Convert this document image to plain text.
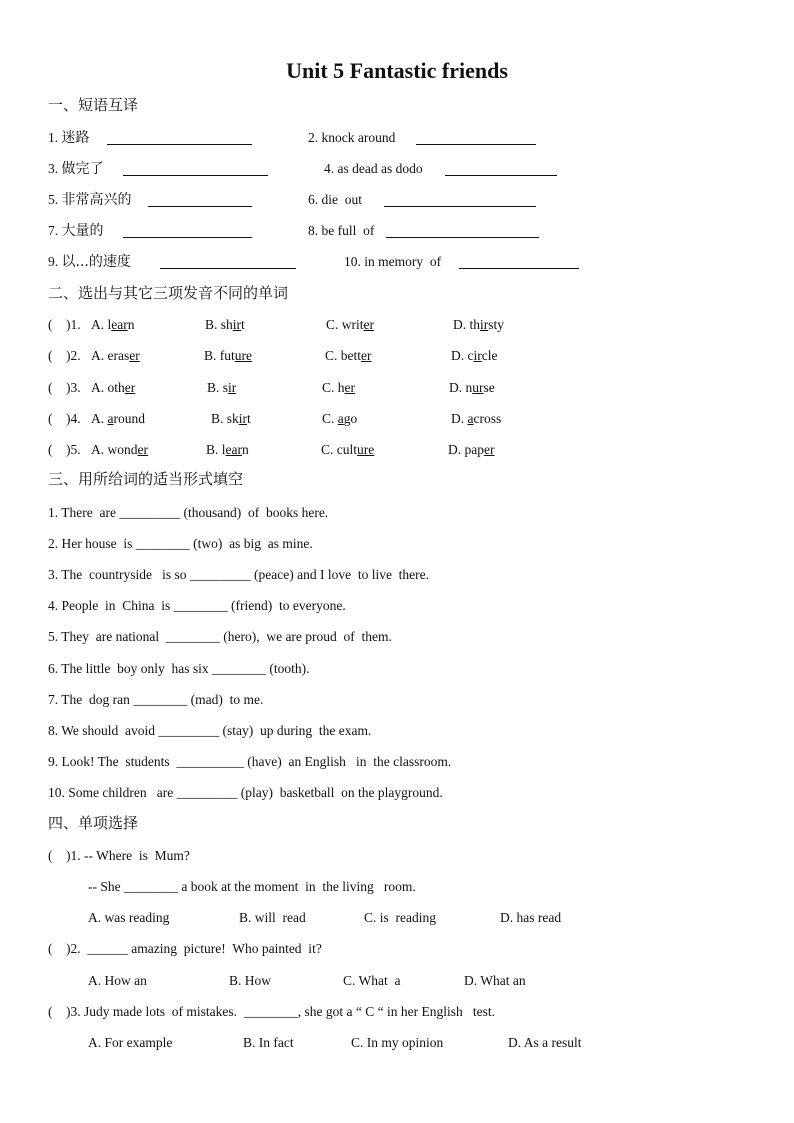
Unit 5 Fantastic friends
一、短语互译
1. 迷路	2. knock around
3. 做完了	4. as dead as dodo
5. 非常高兴的	6. die  out
7. 大量的	8. be full  of
9. 以...的速度	10. in memory  of
二、选出与其它三项发音不同的单词
(    )1. A. learn	B. shirt	C. writer	D. thirsty
(    )2. A. eraser	B. future	C. better	D. circle
(    )3. A. other	B. sir	C. her	D. nurse
(    )4. A. around	B. skirt	C. ago	D. across
(    )5. A. wonder	B. learn	C. culture	D. paper
三、用所给词的适当形式填空
1. There  are _________ (thousand)  of  books here.
2. Her house  is ________ (two)  as big  as mine.
3. The  countryside   is so _________ (peace) and I love  to live  there.
4. People  in  China  is ________ (friend)  to everyone.
5. They  are national  ________ (hero),  we are proud  of  them.
6. The little  boy only  has six ________ (tooth).
7. The  dog ran ________ (mad)  to me.
8. We should  avoid _________ (stay)  up during  the exam.
9. Look! The  students  __________ (have)  an English   in  the classroom.
10. Some children   are _________ (play)  basketball  on the playground.
四、单项选择
(    )1. -- Where  is  Mum?
-- She ________ a book at the moment  in  the living   room.
A. was reading	B. will  read	C. is  reading	D. has read
(    )2. ______ amazing  picture!  Who painted  it?
A. How an	B. How	C. What  a	D. What an
(    )3. Judy made lots  of mistakes.  ________, she got a “ C “ in her English   test.
A. For example	B. In fact	C. In my opinion	D. As a result
